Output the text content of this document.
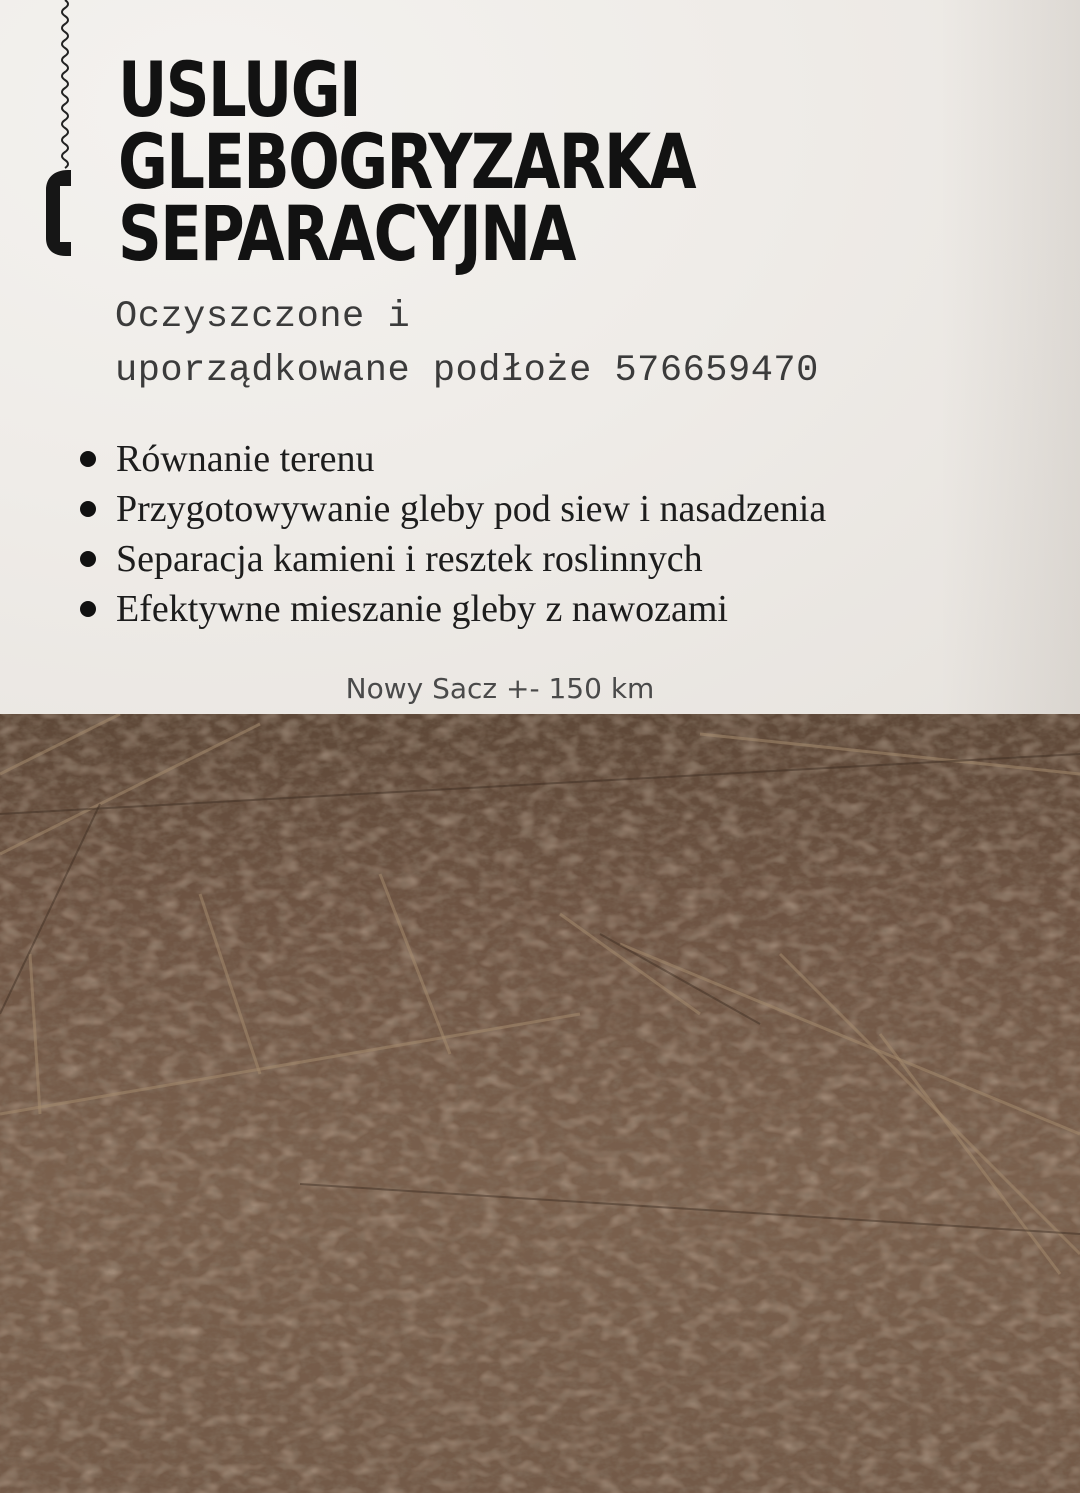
USLUGI
GLEBOGRYZARKA
SEPARACYJNA

Oczyszczone i
uporządkowane podłoże 576659470

Równanie terenu
Przygotowywanie gleby pod siew i nasadzenia
Separacja kamieni i resztek roslinnych
Efektywne mieszanie gleby z nawozami

Nowy Sacz +- 150 km
